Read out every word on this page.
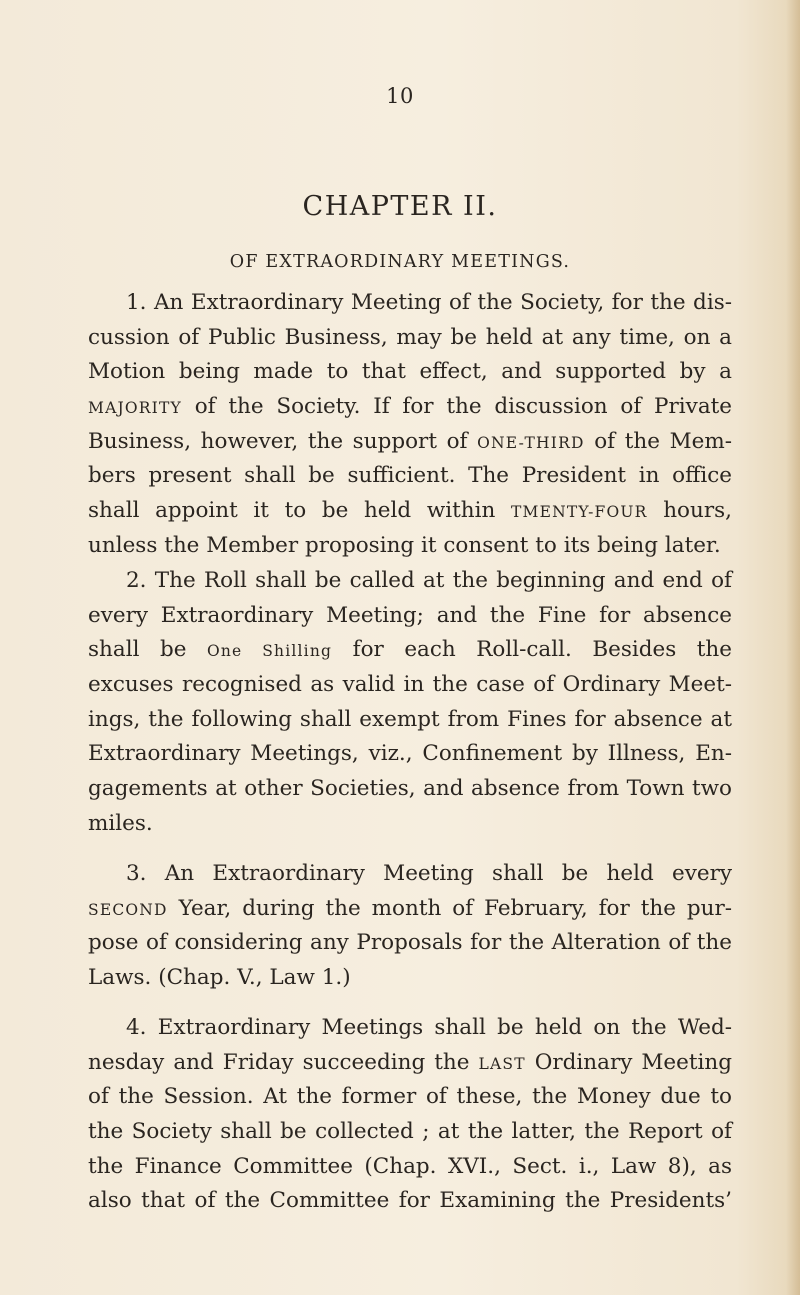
10
CHAPTER II.
OF EXTRAORDINARY MEETINGS.
1. An Extraordinary Meeting of the Society, for the dis-
cussion of Public Business, may be held at any time, on a
Motion being made to that effect, and supported by a
MAJORITY of the Society. If for the discussion of Private
Business, however, the support of ONE-THIRD of the Mem-
bers present shall be sufficient. The President in office
shall appoint it to be held within TMENTY-FOUR hours,
unless the Member proposing it consent to its being later.
2. The Roll shall be called at the beginning and end of
every Extraordinary Meeting; and the Fine for absence
shall be One Shilling for each Roll-call. Besides the
excuses recognised as valid in the case of Ordinary Meet-
ings, the following shall exempt from Fines for absence at
Extraordinary Meetings, viz., Confinement by Illness, En-
gagements at other Societies, and absence from Town two
miles.
3. An Extraordinary Meeting shall be held every
SECOND Year, during the month of February, for the pur-
pose of considering any Proposals for the Alteration of the
Laws. (Chap. V., Law 1.)
4. Extraordinary Meetings shall be held on the Wed-
nesday and Friday succeeding the LAST Ordinary Meeting
of the Session. At the former of these, the Money due to
the Society shall be collected ; at the latter, the Report of
the Finance Committee (Chap. XVI., Sect. i., Law 8), as
also that of the Committee for Examining the Presidents’
